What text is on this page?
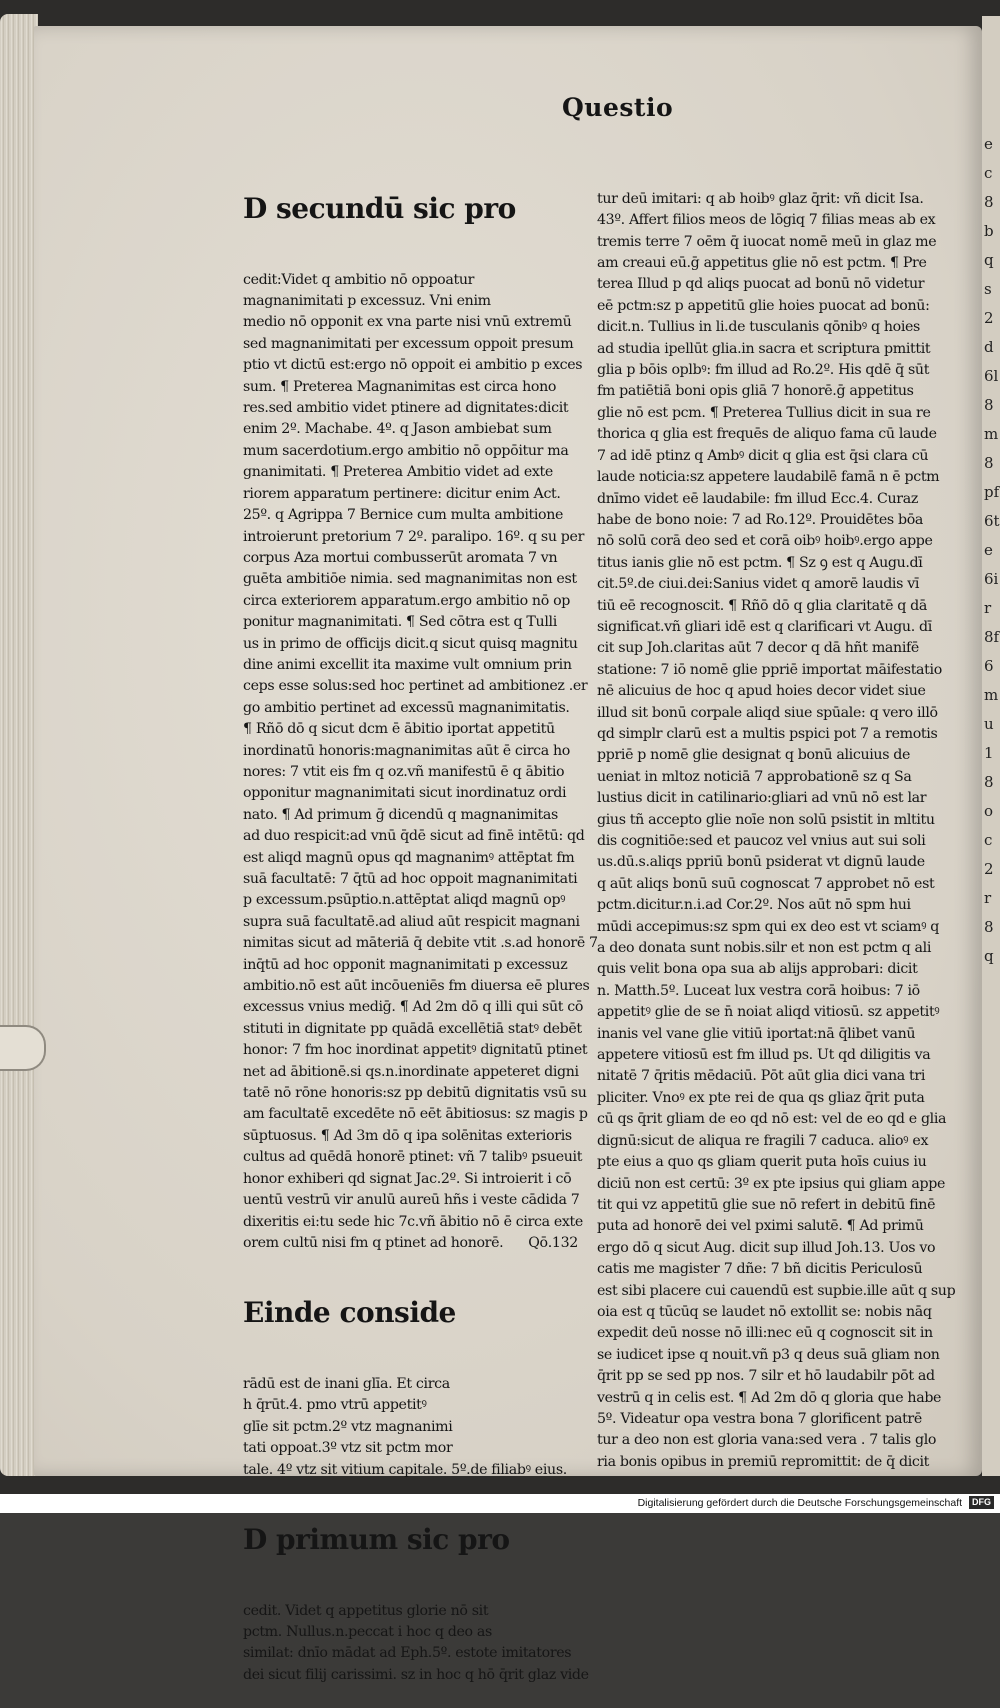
ec8bqs2d6l8m8pf6te6ir8f6mu18oc2r8q
Questio

D secundū sic pro

cedit:Videt q ambitio nō oppoatur
magnanimitati p excessuz. Vni enim
medio nō opponit ex vna parte nisi vnū extremū
sed magnanimitati per excessum oppoit presum
ptio vt dictū est:ergo nō oppoit ei ambitio p exces
sum. ¶ Preterea Magnanimitas est circa hono
res.sed ambitio videt ptinere ad dignitates:dicit
enim 2º. Machabe. 4º. q Jason ambiebat sum
mum sacerdotium.ergo ambitio nō oppōitur ma
gnanimitati. ¶ Preterea Ambitio videt ad exte
riorem apparatum pertinere: dicitur enim Act.
25º. q Agrippa 7 Bernice cum multa ambitione
introierunt pretorium 7 2º. paralipo. 16º. q su per
corpus Aza mortui combusserūt aromata 7 vn
guēta ambitiōe nimia. sed magnanimitas non est
circa exteriorem apparatum.ergo ambitio nō op
ponitur magnanimitati. ¶ Sed cōtra est q Tulli
us in primo de officijs dicit.q sicut quisq magnitu
dine animi excellit ita maxime vult omnium prin
ceps esse solus:sed hoc pertinet ad ambitionez .er
go ambitio pertinet ad excessū magnanimitatis.
¶ Rñō dō q sicut dcm ē ābitio iportat appetitū
inordinatū honoris:magnanimitas aūt ē circa ho
nores: 7 vtit eis fm q oz.vñ manifestū ē q ābitio
opponitur magnanimitati sicut inordinatuz ordi
nato. ¶ Ad primum ḡ dicendū q magnanimitas
ad duo respicit:ad vnū q̄dē sicut ad finē intētū: qd
est aliqd magnū opus qd magnanimꝰ attēptat fm
suā facultatē: 7 q̄tū ad hoc oppoit magnanimitati
p excessum.psūptio.n.attēptat aliqd magnū opꝰ
supra suā facultatē.ad aliud aūt respicit magnani
nimitas sicut ad māteriā q̄ debite vtit .s.ad honorē 7
inq̄tū ad hoc opponit magnanimitati p excessuz
ambitio.nō est aūt incōueniēs fm diuersa eē plures
excessus vnius mediḡ. ¶ Ad 2m dō q illi qui sūt cō
stituti in dignitate pp quādā excellētiā statꝰ debēt
honor: 7 fm hoc inordinat appetitꝰ dignitatū ptinet
net ad ābitionē.si qs.n.inordinate appeteret digni
tatē nō rōne honoris:sz pp debitū dignitatis vsū su
am facultatē excedēte nō eēt ābitiosus: sz magis p
sūptuosus. ¶ Ad 3m dō q ipa solēnitas exterioris
cultus ad quēdā honorē ptinet: vñ 7 talibꝰ psueuit
honor exhiberi qd signat Jac.2º. Si introierit i cō
uentū vestrū vir anulū aureū hñs i veste cādida 7
dixeritis ei:tu sede hic 7c.vñ ābitio nō ē circa exte
orem cultū nisi fm q ptinet ad honorē.      Qō.132

Einde conside

rādū est de inani glīa. Et circa
h q̄rūt.4. pmo vtrū appetitꝰ
glīe sit pctm.2º vtz magnanimi
tati oppoat.3º vtz sit pctm mor
tale. 4º vtz sit vitium capitale. 5º.de filiabꝰ eius.

D primum sic pro

cedit. Videt q appetitus glorie nō sit
pctm. Nullus.n.peccat i hoc q deo as
similat: dnīo mādat ad Eph.5º. estote imitatores
dei sicut filij carissimi. sz in hoc q hō q̄rit glaz vide

tur deū imitari: q ab hoibꝰ glaz q̄rit: vñ dicit Isa.
43º. Affert filios meos de lōgiq 7 filias meas ab ex
tremis terre 7 oēm q̄ iuocat nomē meū in glaz me
am creaui eū.ḡ appetitus glie nō est pctm. ¶ Pre
terea Illud p qd aliqs puocat ad bonū nō videtur
eē pctm:sz p appetitū glie hoies puocat ad bonū:
dicit.n. Tullius in li.de tusculanis qōnibꝰ q hoies
ad studia ipellūt glia.in sacra et scriptura pmittit
glia p bōis oplbꝰ: fm illud ad Ro.2º. His qdē q̄ sūt
fm patiētiā boni opis gliā 7 honorē.ḡ appetitus
glie nō est pcm. ¶ Preterea Tullius dicit in sua re
thorica q glia est frequēs de aliquo fama cū laude
7 ad idē ptinz q Ambꝰ dicit q glia est q̄si clara cū
laude noticia:sz appetere laudabilē famā n ē pctm
dnīmo videt eē laudabile: fm illud Ecc.4. Curaz
habe de bono noie: 7 ad Ro.12º. Prouidētes bōa
nō solū corā deo sed et corā oibꝰ hoibꝰ.ergo appe
titus ianis glie nō est pctm. ¶ Sz ꝯ est q Augu.dī
cit.5º.de ciui.dei:Sanius videt q amorē laudis vī
tiū eē recognoscit. ¶ Rñō dō q glia claritatē q dā
significat.vñ gliari idē est q clarificari vt Augu. dī
cit sup Joh.claritas aūt 7 decor q dā hñt manifē
statione: 7 iō nomē glie ppriē importat māifestatio
nē alicuius de hoc q apud hoies decor videt siue
illud sit bonū corpale aliqd siue spūale: q vero illō
qd simplr clarū est a multis pspici pot 7 a remotis
ppriē p nomē glie designat q bonū alicuius de
ueniat in mltoz noticiā 7 approbationē sz q Sa
lustius dicit in catilinario:gliari ad vnū nō est lar
gius tñ accepto glie noīe non solū psistit in mltitu
dis cognitiōe:sed et paucoz vel vnius aut sui soli
us.dū.s.aliqs ppriū bonū psiderat vt dignū laude
q aūt aliqs bonū suū cognoscat 7 approbet nō est
pctm.dicitur.n.i.ad Cor.2º. Nos aūt nō spm hui
mūdi accepimus:sz spm qui ex deo est vt sciamꝰ q
a deo donata sunt nobis.silr et non est pctm q ali
quis velit bona opa sua ab alijs approbari: dicit
n. Matth.5º. Luceat lux vestra corā hoibus: 7 iō
appetitꝰ glie de se n̄ noiat aliqd vitiosū. sz appetitꝰ
inanis vel vane glie vitiū iportat:nā q̄libet vanū
appetere vitiosū est fm illud ps. Ut qd diligitis va
nitatē 7 q̄ritis mēdaciū. Pōt aūt glia dici vana tri
pliciter. Vnoꝰ ex pte rei de qua qs gliaz q̄rit puta
cū qs q̄rit gliam de eo qd nō est: vel de eo qd e glia
dignū:sicut de aliqua re fragili 7 caduca. alioꝰ ex
pte eius a quo qs gliam querit puta hoīs cuius iu
diciū non est certū: 3º ex pte ipsius qui gliam appe
tit qui vz appetitū glie sue nō refert in debitū finē
puta ad honorē dei vel pximi salutē. ¶ Ad primū
ergo dō q sicut Aug. dicit sup illud Joh.13. Uos vo
catis me magister 7 dñe: 7 bñ dicitis Periculosū
est sibi placere cui cauendū est supbie.ille aūt q sup
oia est q tūcūq se laudet nō extollit se: nobis nāq
expedit deū nosse nō illi:nec eū q cognoscit sit in
se iudicet ipse q nouit.vñ p3 q deus suā gliam non
q̄rit pp se sed pp nos. 7 silr et hō laudabilr pōt ad
vestrū q in celis est. ¶ Ad 2m dō q gloria que habe
5º. Videatur opa vestra bona 7 glorificent patrē
tur a deo non est gloria vana:sed vera . 7 talis glo
ria bonis opibus in premiū repromittit: de q̄ dicit

Digitalisierung gefördert durch die Deutsche Forschungsgemeinschaft DFG
